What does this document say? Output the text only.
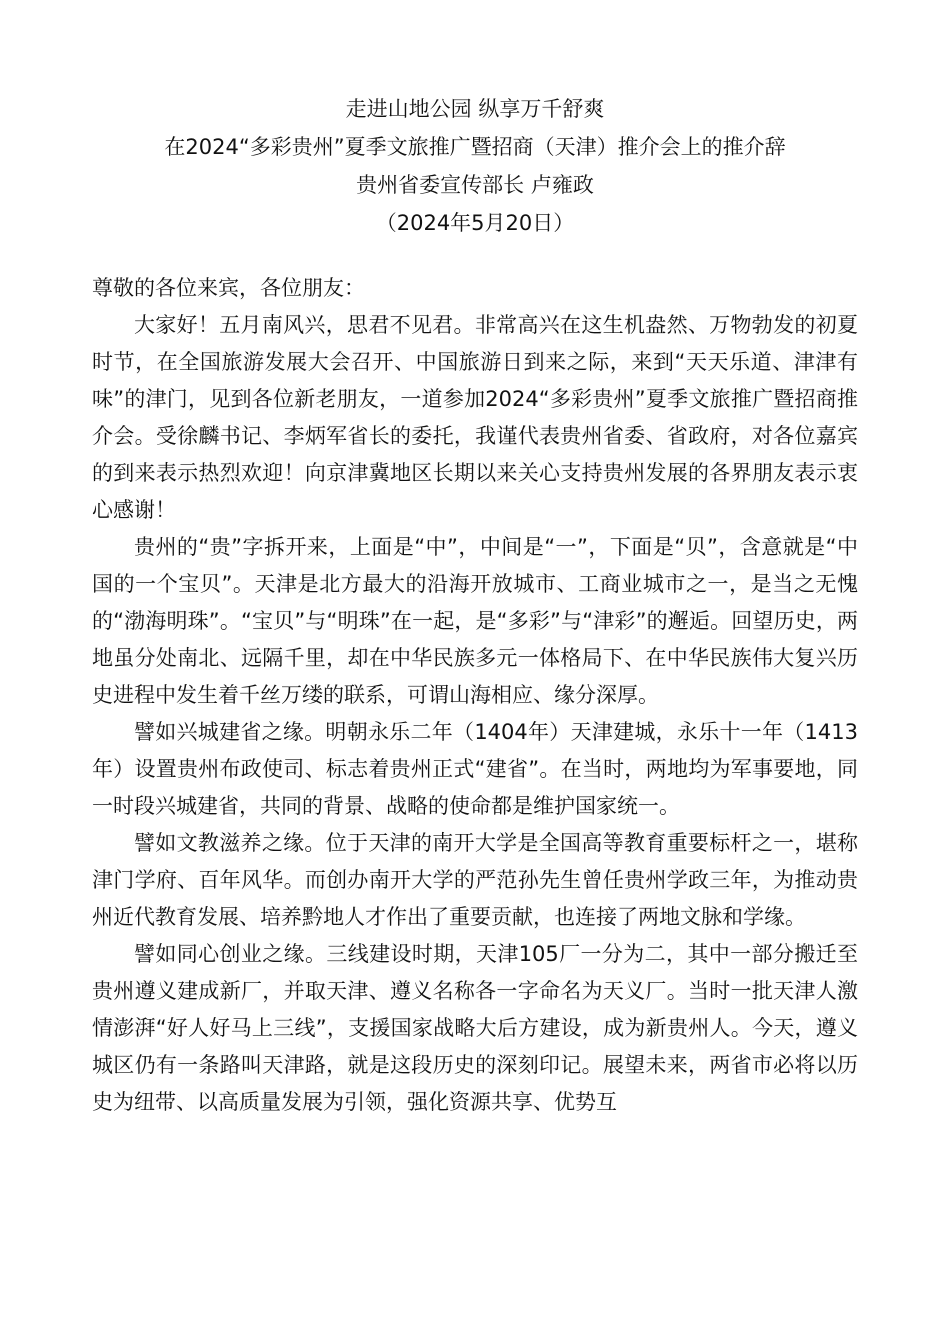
走进山地公园 纵享万千舒爽
在2024“多彩贵州”夏季文旅推广暨招商（天津）推介会上的推介辞
贵州省委宣传部长 卢雍政
（2024年5月20日）

尊敬的各位来宾，各位朋友：

大家好！五月南风兴，思君不见君。非常高兴在这生机盎然、万物勃发的初夏时节，在全国旅游发展大会召开、中国旅游日到来之际，来到“天天乐道、津津有味”的津门，见到各位新老朋友，一道参加2024“多彩贵州”夏季文旅推广暨招商推介会。受徐麟书记、李炳军省长的委托，我谨代表贵州省委、省政府，对各位嘉宾的到来表示热烈欢迎！向京津冀地区长期以来关心支持贵州发展的各界朋友表示衷心感谢！

贵州的“贵”字拆开来，上面是“中”，中间是“一”，下面是“贝”，含意就是“中国的一个宝贝”。天津是北方最大的沿海开放城市、工商业城市之一，是当之无愧的“渤海明珠”。“宝贝”与“明珠”在一起，是“多彩”与“津彩”的邂逅。回望历史，两地虽分处南北、远隔千里，却在中华民族多元一体格局下、在中华民族伟大复兴历史进程中发生着千丝万缕的联系，可谓山海相应、缘分深厚。

譬如兴城建省之缘。明朝永乐二年（1404年）天津建城，永乐十一年（1413年）设置贵州布政使司、标志着贵州正式“建省”。在当时，两地均为军事要地，同一时段兴城建省，共同的背景、战略的使命都是维护国家统一。

譬如文教滋养之缘。位于天津的南开大学是全国高等教育重要标杆之一，堪称津门学府、百年风华。而创办南开大学的严范孙先生曾任贵州学政三年，为推动贵州近代教育发展、培养黔地人才作出了重要贡献，也连接了两地文脉和学缘。

譬如同心创业之缘。三线建设时期，天津105厂一分为二，其中一部分搬迁至贵州遵义建成新厂，并取天津、遵义名称各一字命名为天义厂。当时一批天津人激情澎湃“好人好马上三线”，支援国家战略大后方建设，成为新贵州人。今天，遵义城区仍有一条路叫天津路，就是这段历史的深刻印记。展望未来，两省市必将以历史为纽带、以高质量发展为引领，强化资源共享、优势互
